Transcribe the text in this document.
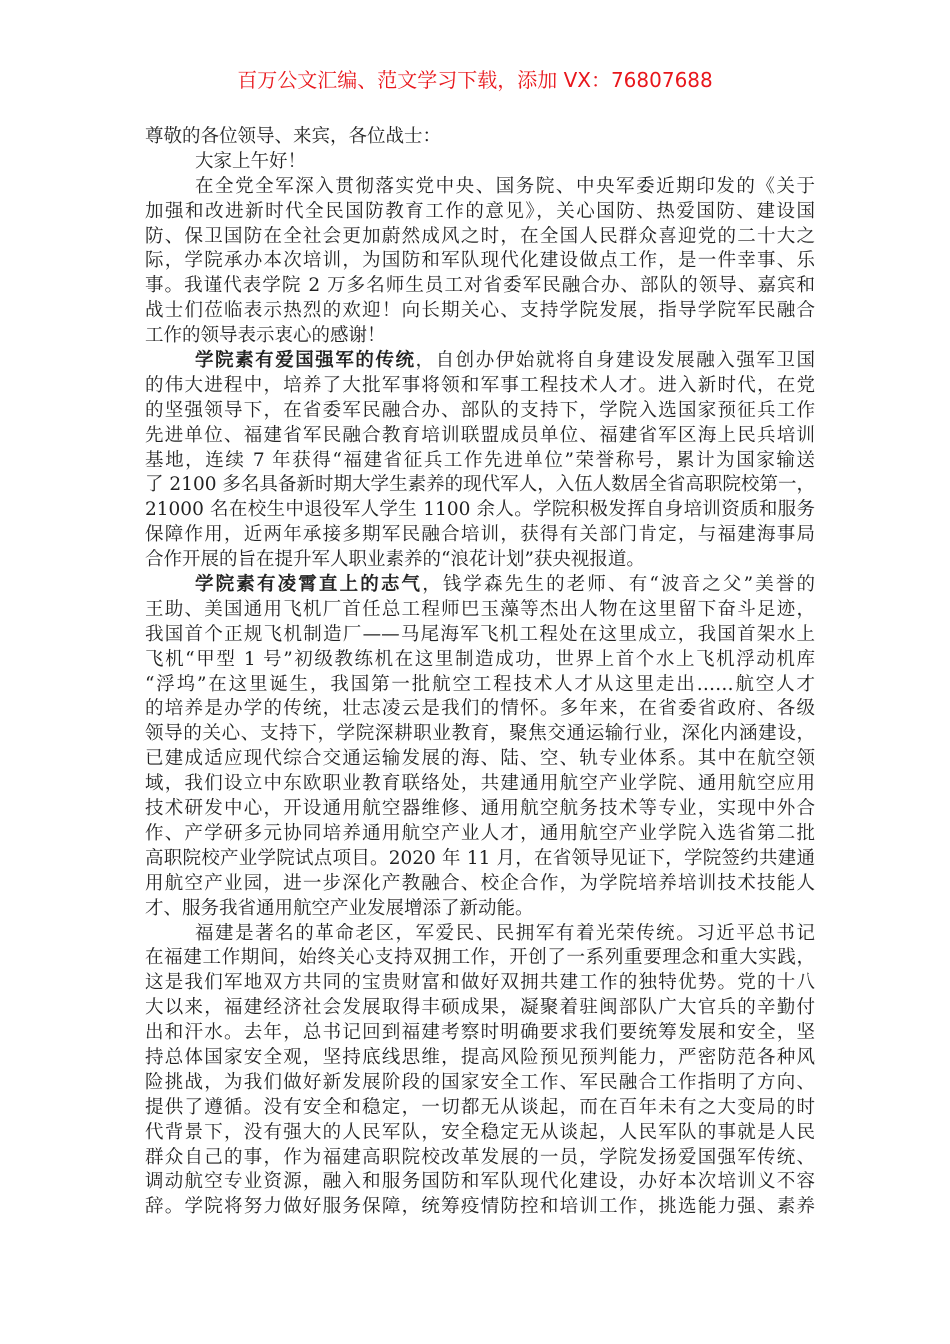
百万公文汇编、范文学习下载，添加 VX：76807688
尊敬的各位领导、来宾，各位战士：
大家上午好！
在全党全军深入贯彻落实党中央、国务院、中央军委近期印发的《关于
加强和改进新时代全民国防教育工作的意见》，关心国防、热爱国防、建设国
防、保卫国防在全社会更加蔚然成风之时，在全国人民群众喜迎党的二十大之
际，学院承办本次培训，为国防和军队现代化建设做点工作，是一件幸事、乐
事。我谨代表学院 2 万多名师生员工对省委军民融合办、部队的领导、嘉宾和
战士们莅临表示热烈的欢迎！向长期关心、支持学院发展，指导学院军民融合
工作的领导表示衷心的感谢！
学院素有爱国强军的传统，自创办伊始就将自身建设发展融入强军卫国
的伟大进程中，培养了大批军事将领和军事工程技术人才。进入新时代，在党
的坚强领导下，在省委军民融合办、部队的支持下，学院入选国家预征兵工作
先进单位、福建省军民融合教育培训联盟成员单位、福建省军区海上民兵培训
基地，连续 7 年获得“福建省征兵工作先进单位”荣誉称号，累计为国家输送
了 2100 多名具备新时期大学生素养的现代军人，入伍人数居全省高职院校第一，
21000 名在校生中退役军人学生 1100 余人。学院积极发挥自身培训资质和服务
保障作用，近两年承接多期军民融合培训，获得有关部门肯定，与福建海事局
合作开展的旨在提升军人职业素养的“浪花计划”获央视报道。
学院素有凌霄直上的志气，钱学森先生的老师、有“波音之父”美誉的
王助、美国通用飞机厂首任总工程师巴玉藻等杰出人物在这里留下奋斗足迹，
我国首个正规飞机制造厂——马尾海军飞机工程处在这里成立，我国首架水上
飞机“甲型 1 号”初级教练机在这里制造成功，世界上首个水上飞机浮动机库
“浮坞”在这里诞生，我国第一批航空工程技术人才从这里走出……航空人才
的培养是办学的传统，壮志凌云是我们的情怀。多年来，在省委省政府、各级
领导的关心、支持下，学院深耕职业教育，聚焦交通运输行业，深化内涵建设，
已建成适应现代综合交通运输发展的海、陆、空、轨专业体系。其中在航空领
域，我们设立中东欧职业教育联络处，共建通用航空产业学院、通用航空应用
技术研发中心，开设通用航空器维修、通用航空航务技术等专业，实现中外合
作、产学研多元协同培养通用航空产业人才，通用航空产业学院入选省第二批
高职院校产业学院试点项目。2020 年 11 月，在省领导见证下，学院签约共建通
用航空产业园，进一步深化产教融合、校企合作，为学院培养培训技术技能人
才、服务我省通用航空产业发展增添了新动能。
福建是著名的革命老区，军爱民、民拥军有着光荣传统。习近平总书记
在福建工作期间，始终关心支持双拥工作，开创了一系列重要理念和重大实践，
这是我们军地双方共同的宝贵财富和做好双拥共建工作的独特优势。党的十八
大以来，福建经济社会发展取得丰硕成果，凝聚着驻闽部队广大官兵的辛勤付
出和汗水。去年，总书记回到福建考察时明确要求我们要统筹发展和安全，坚
持总体国家安全观，坚持底线思维，提高风险预见预判能力，严密防范各种风
险挑战，为我们做好新发展阶段的国家安全工作、军民融合工作指明了方向、
提供了遵循。没有安全和稳定，一切都无从谈起，而在百年未有之大变局的时
代背景下，没有强大的人民军队，安全稳定无从谈起，人民军队的事就是人民
群众自己的事，作为福建高职院校改革发展的一员，学院发扬爱国强军传统、
调动航空专业资源，融入和服务国防和军队现代化建设，办好本次培训义不容
辞。学院将努力做好服务保障，统筹疫情防控和培训工作，挑选能力强、素养
